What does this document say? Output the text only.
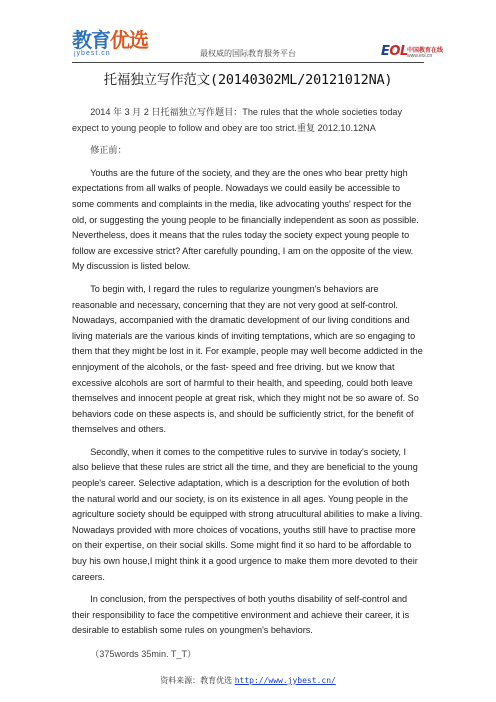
教育优选
jybest.cn	最权威的国际教育服务平台	EOL 中国教育在线
www.eol.cn
托福独立写作范文(20140302ML/20121012NA)

2014 年 3 月 2 日托福独立写作题目：The rules that the whole societies today expect to young people to follow and obey are too strict.重复 2012.10.12NA

修正前：

Youths are the future of the society, and they are the ones who bear pretty high expectations from all walks of people. Nowadays we could easily be accessible to some comments and complaints in the media, like advocating youths' respect for the old, or suggesting the young people to be financially independent as soon as possible. Nevertheless, does it means that the rules today the society expect young people to follow are excessive strict? After carefully pounding, I am on the opposite of the view. My discussion is listed below.

To begin with, I regard the rules to regularize youngmen's behaviors are reasonable and necessary, concerning that they are not very good at self-control. Nowadays, accompanied with the dramatic development of our living conditions and living materials are the various kinds of inviting temptations, which are so engaging to them that they might be lost in it. For example, people may well become addicted in the ennjoyment of the alcohols, or the fast- speed and free driving. but we know that excessive alcohols are sort of harmful to their health, and speeding, could both leave themselves and innocent people at great risk, which they might not be so aware of. So behaviors code on these aspects is, and should be sufficiently strict, for the benefit of themselves and others.

Secondly, when it comes to the competitive rules to survive in today's society, I also believe that these rules are strict all the time, and they are beneficial to the young people's career. Selective adaptation, which is a description for the evolution of both the natural world and our society, is on its existence in all ages. Young people in the agriculture society should be equipped with strong atrucultural abilities to make a living. Nowadays provided with more choices of vocations, youths still have to practise more on their expertise, on their social skills. Some might find it so hard to be affordable to buy his own house,I might think it a good urgence to make them more devoted to their careers.

In conclusion, from the perspectives of both youths disability of self-control and their responsibility to face the competitive environment and achieve their career, it is desirable to establish some rules on youngmen's behaviors.

（375words 35min. T_T）

资料来源：教育优选 http://www.jybest.cn/
